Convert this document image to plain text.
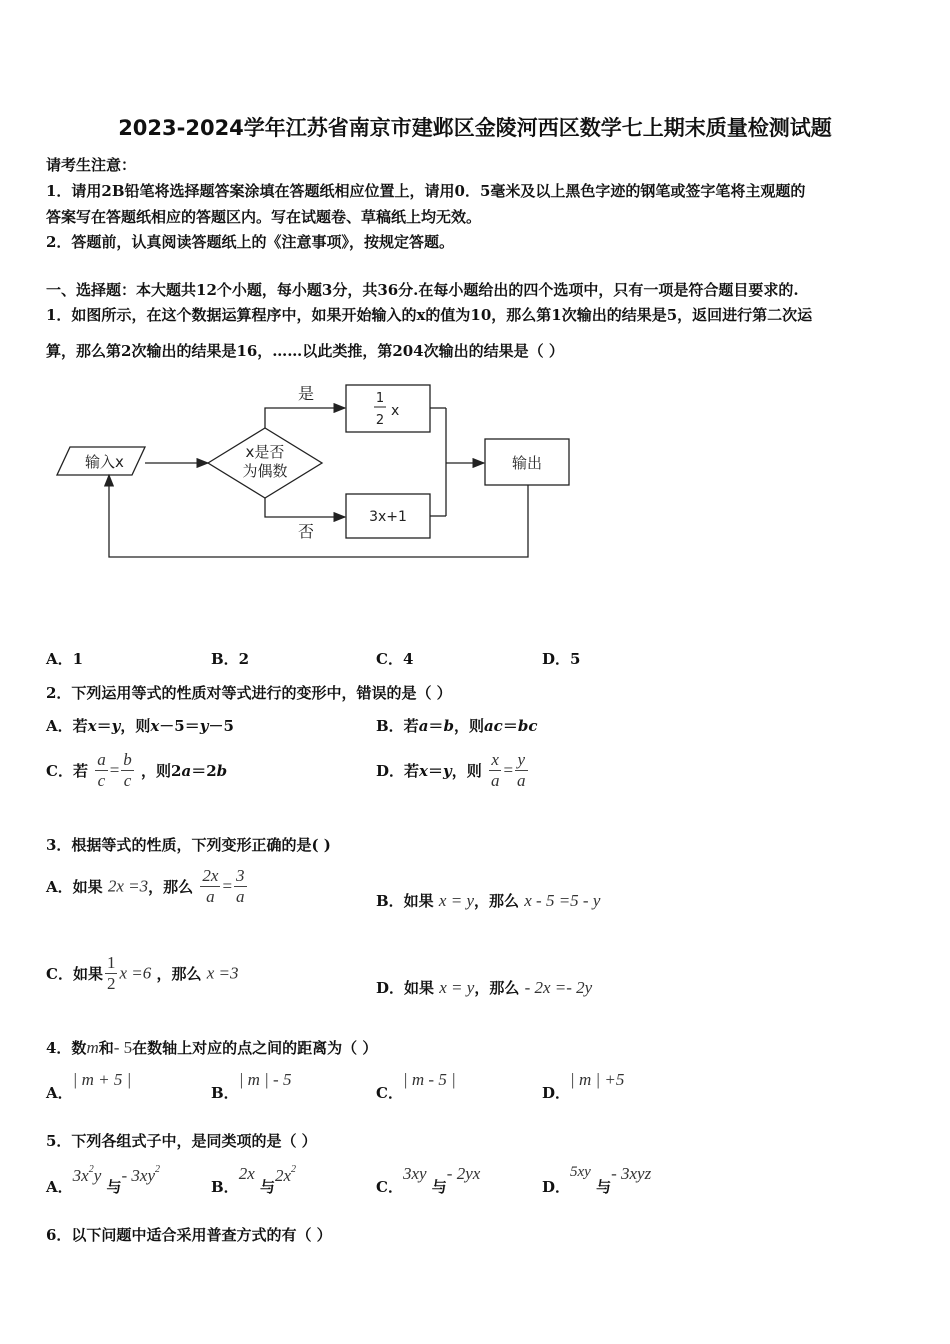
2023-2024学年江苏省南京市建邺区金陵河西区数学七上期末质量检测试题
请考生注意：
1．请用2B铅笔将选择题答案涂填在答题纸相应位置上，请用0．5毫米及以上黑色字迹的钢笔或签字笔将主观题的
答案写在答题纸相应的答题区内。写在试题卷、草稿纸上均无效。
2．答题前，认真阅读答题纸上的《注意事项》，按规定答题。
一、选择题：本大题共12个小题，每小题3分，共36分.在每小题给出的四个选项中，只有一项是符合题目要求的.
1．如图所示，在这个数据运算程序中，如果开始输入的x的值为10，那么第1次输出的结果是5，返回进行第二次运
算，那么第2次输出的结果是16，……以此类推，第204次输出的结果是（ ）
输入x
x是否
为偶数
是	1
2
x
否
3x+1
输出
A．1	B．2	C．4	D．5
2．下列运用等式的性质对等式进行的变形中，错误的是（ ）
A．若x＝y，则x－5＝y－5	B．若a＝b，则ac＝bc
C．若 $\frac{a}{c} = \frac{b}{c}$ ，则2a＝2b	D．若x＝y，则 $\frac{x}{a} = \frac{y}{a}$
3．根据等式的性质，下列变形正确的是( )
A．如果 2x =3，那么 $\frac{2x}{a} = \frac{3}{a}$	B．如果 x = y，那么 x - 5 =5 - y
C．如果 $\frac{1}{2}$ x =6 ，那么 x =3
D．如果 x = y，那么 - 2x =- 2y
4．数m和- 5在数轴上对应的点之间的距离为（ ）
A．| m + 5 |
B．| m | - 5
C．| m - 5 |
D．| m | +5
5．下列各组式子中，是同类项的是（ ）
A．$3x^2y$ 与- $3xy^2$
B．2x 与$2x^2$
C．3xy 与- 2yx
D．5xy 与- 3xyz
6．以下问题中适合采用普查方式的有（ ）
